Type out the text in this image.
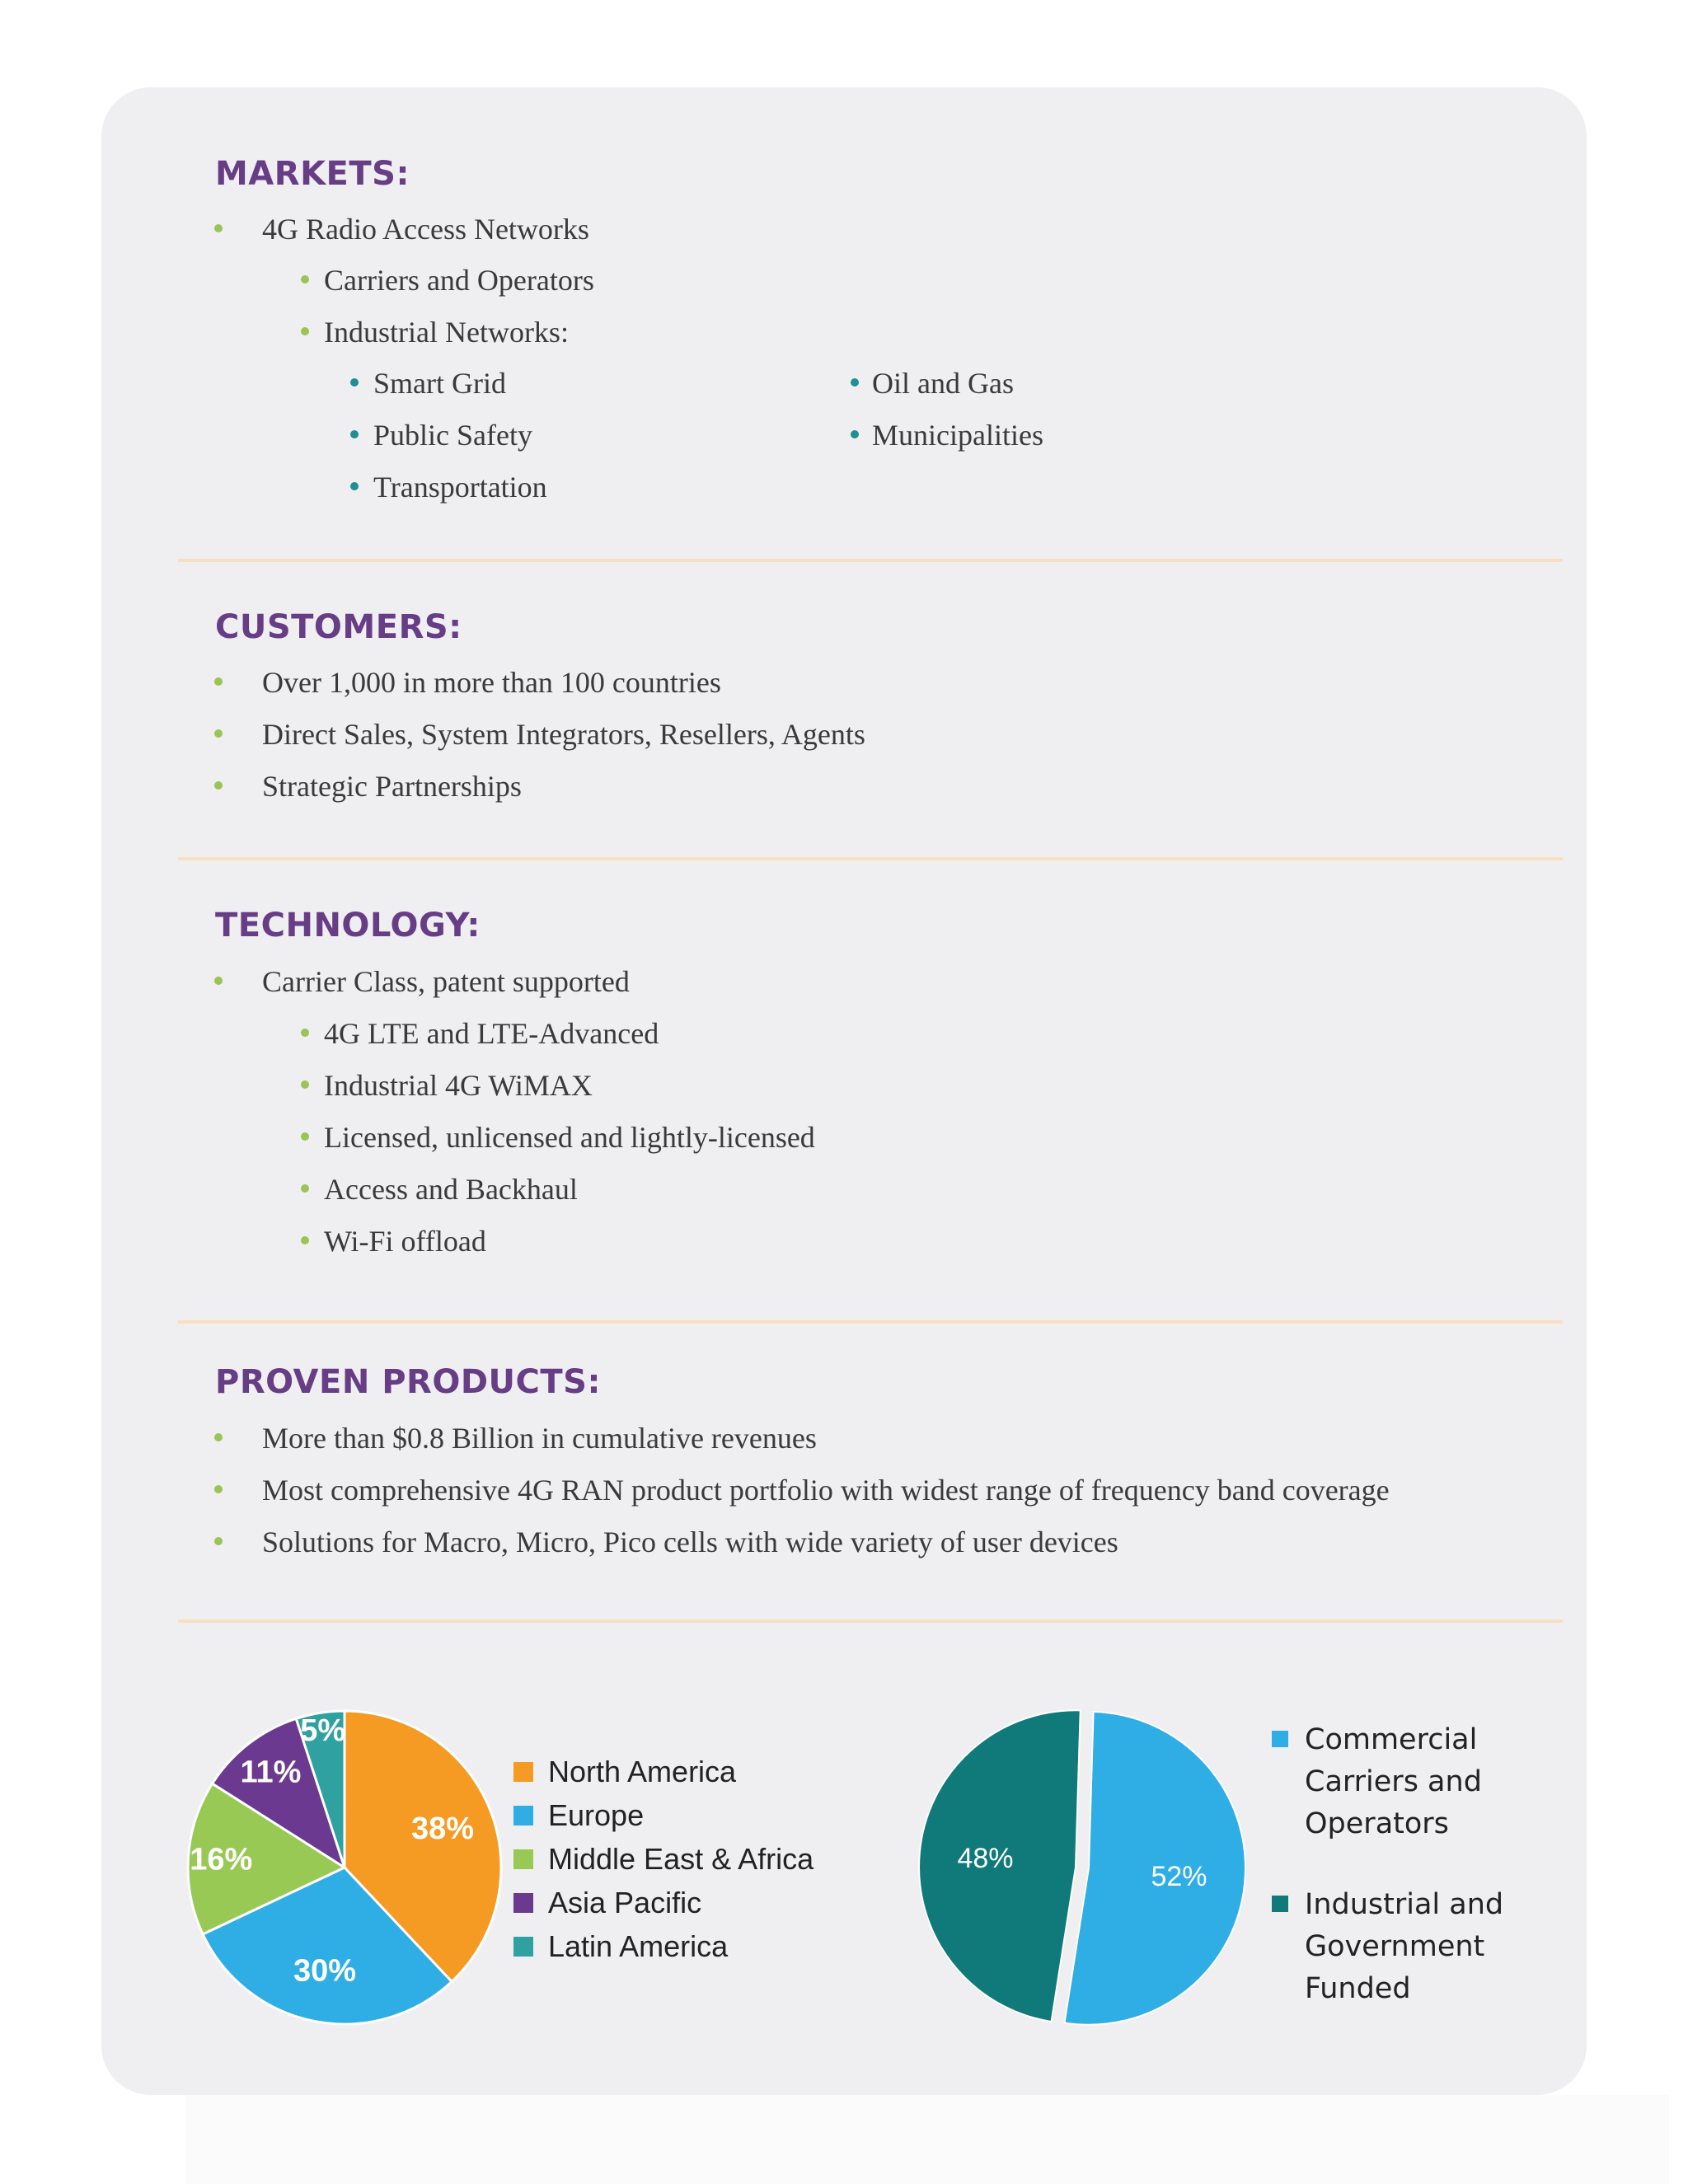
MARKETS:
4G Radio Access Networks
Carriers and Operators
Industrial Networks:
Smart Grid
Public Safety
Transportation
Oil and Gas
Municipalities
CUSTOMERS:
Over 1,000 in more than 100 countries
Direct Sales, System Integrators, Resellers, Agents
Strategic Partnerships
TECHNOLOGY:
Carrier Class, patent supported
4G LTE and LTE-Advanced
Industrial 4G WiMAX
Licensed, unlicensed and lightly-licensed
Access and Backhaul
Wi-Fi offload
PROVEN PRODUCTS:
More than $0.8 Billion in cumulative revenues
Most comprehensive 4G RAN product portfolio with widest range of frequency band coverage
Solutions for Macro, Micro, Pico cells with wide variety of user devices
38%
30%
16%
11%
5%
North America
Europe
Middle East & Africa
Asia Pacific
Latin America
52%
48%
Commercial Carriers and Operators
Industrial and Government Funded
